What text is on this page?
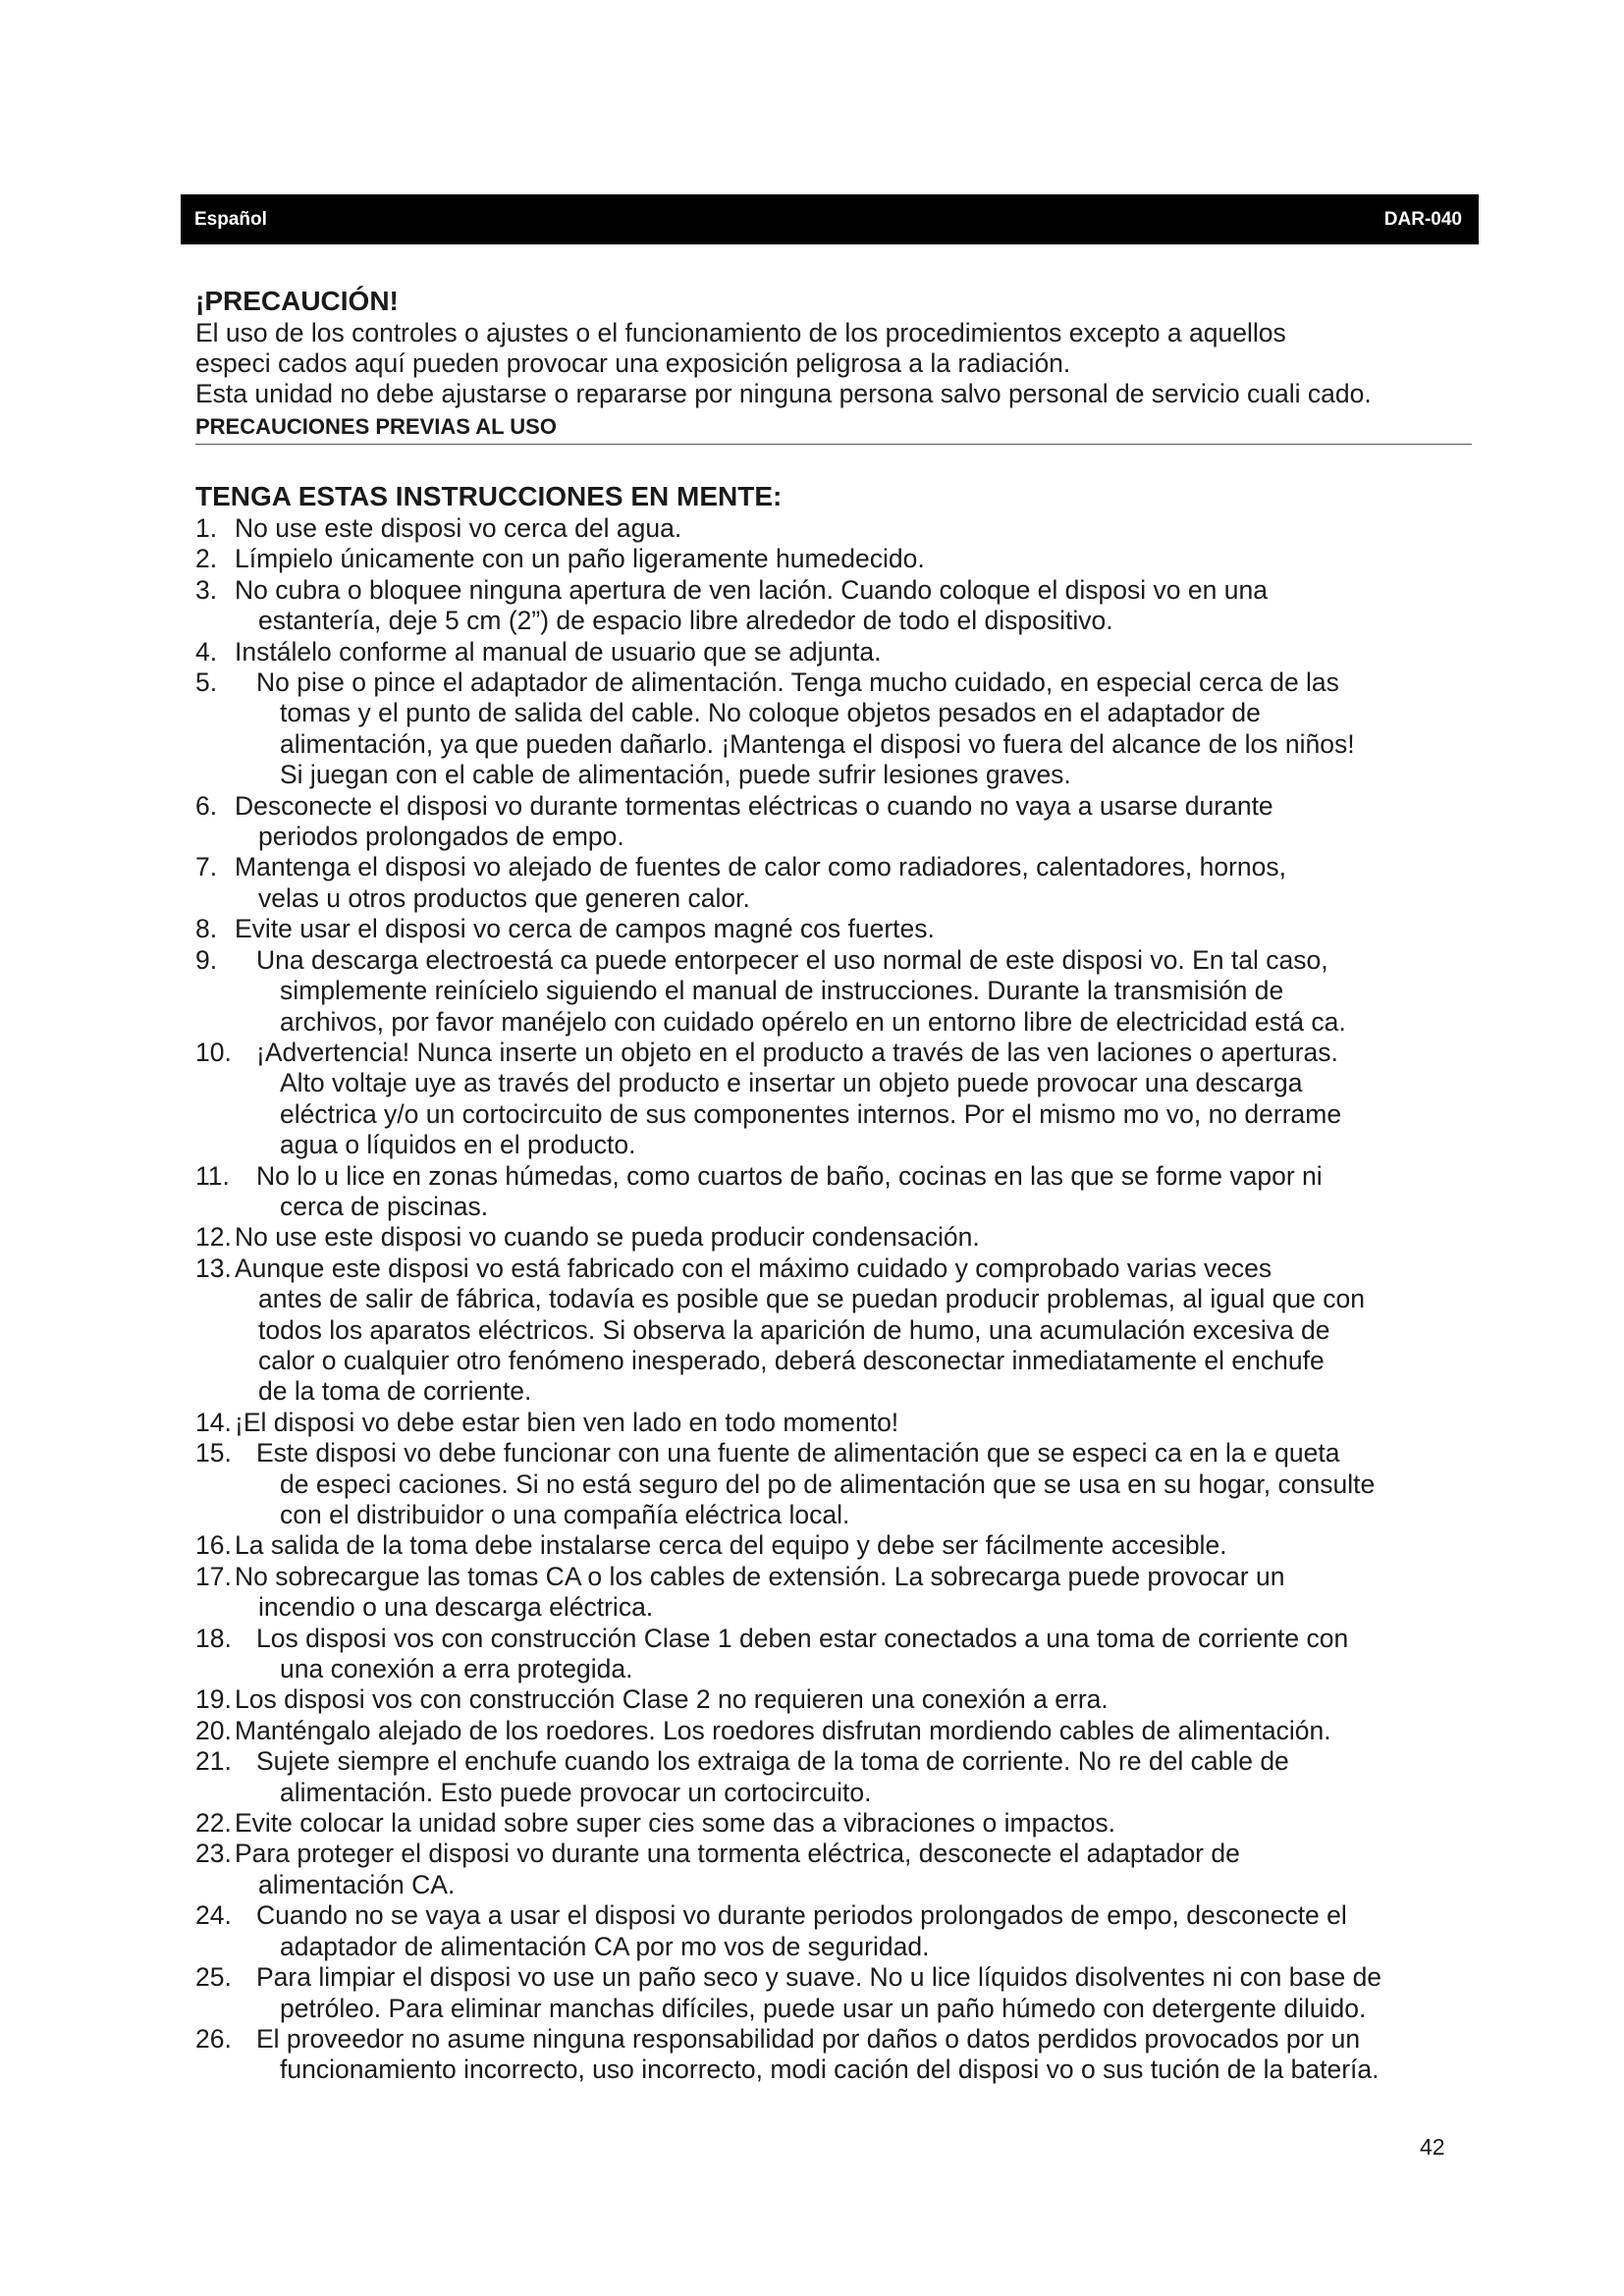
Español	DAR-040

¡PRECAUCIÓN!

El uso de los controles o ajustes o el funcionamiento de los procedimientos excepto a aquellos

especi cados aquí pueden provocar una exposición peligrosa a la radiación.

Esta unidad no debe ajustarse o repararse por ninguna persona salvo personal de servicio cuali cado.

PRECAUCIONES PREVIAS AL USO

TENGA ESTAS INSTRUCCIONES EN MENTE:

1. No use este disposi vo cerca del agua.
2. Límpielo únicamente con un paño ligeramente humedecido.
3. No cubra o bloquee ninguna apertura de ven lación. Cuando coloque el disposi vo en una
estantería, deje 5 cm (2”) de espacio libre alrededor de todo el dispositivo.
4. Instálelo conforme al manual de usuario que se adjunta.
5.	No pise o pince el adaptador de alimentación. Tenga mucho cuidado, en especial cerca de las
tomas y el punto de salida del cable. No coloque objetos pesados en el adaptador de
alimentación, ya que pueden dañarlo. ¡Mantenga el disposi vo fuera del alcance de los niños!
Si juegan con el cable de alimentación, puede sufrir lesiones graves.
6. Desconecte el disposi vo durante tormentas eléctricas o cuando no vaya a usarse durante
periodos prolongados de empo.
7. Mantenga el disposi vo alejado de fuentes de calor como radiadores, calentadores, hornos,
velas u otros productos que generen calor.
8. Evite usar el disposi vo cerca de campos magné cos fuertes.
9.	Una descarga electroestá ca puede entorpecer el uso normal de este disposi vo. En tal caso,
simplemente reinícielo siguiendo el manual de instrucciones. Durante la transmisión de
archivos, por favor manéjelo con cuidado opérelo en un entorno libre de electricidad está ca.
10. ¡Advertencia! Nunca inserte un objeto en el producto a través de las ven laciones o aperturas.
Alto voltaje uye as través del producto e insertar un objeto puede provocar una descarga
eléctrica y/o un cortocircuito de sus componentes internos. Por el mismo mo vo, no derrame
agua o líquidos en el producto.
11.	No lo u lice en zonas húmedas, como cuartos de baño, cocinas en las que se forme vapor ni
cerca de piscinas.
12. No use este disposi vo cuando se pueda producir condensación.
13. Aunque este disposi vo está fabricado con el máximo cuidado y comprobado varias veces
antes de salir de fábrica, todavía es posible que se puedan producir problemas, al igual que con
todos los aparatos eléctricos. Si observa la aparición de humo, una acumulación excesiva de
calor o cualquier otro fenómeno inesperado, deberá desconectar inmediatamente el enchufe
de la toma de corriente.
14. ¡El disposi vo debe estar bien ven lado en todo momento!
15. Este disposi vo debe funcionar con una fuente de alimentación que se especi ca en la e queta
de especi caciones. Si no está seguro del po de alimentación que se usa en su hogar, consulte
con el distribuidor o una compañía eléctrica local.
16. La salida de la toma debe instalarse cerca del equipo y debe ser fácilmente accesible.
17. No sobrecargue las tomas CA o los cables de extensión. La sobrecarga puede provocar un
incendio o una descarga eléctrica.
18. Los disposi vos con construcción Clase 1 deben estar conectados a una toma de corriente con
una conexión a erra protegida.
19. Los disposi vos con construcción Clase 2 no requieren una conexión a erra.
20. Manténgalo alejado de los roedores. Los roedores disfrutan mordiendo cables de alimentación.
21. Sujete siempre el enchufe cuando los extraiga de la toma de corriente. No re del cable de
alimentación. Esto puede provocar un cortocircuito.
22. Evite colocar la unidad sobre super cies some das a vibraciones o impactos.
23. Para proteger el disposi vo durante una tormenta eléctrica, desconecte el adaptador de
alimentación CA.
24. Cuando no se vaya a usar el disposi vo durante periodos prolongados de empo, desconecte el
adaptador de alimentación CA por mo vos de seguridad.
25. Para limpiar el disposi vo use un paño seco y suave. No u lice líquidos disolventes ni con base de
petróleo. Para eliminar manchas difíciles, puede usar un paño húmedo con detergente diluido.
26. El proveedor no asume ninguna responsabilidad por daños o datos perdidos provocados por un
funcionamiento incorrecto, uso incorrecto, modi cación del disposi vo o sus tución de la batería.
42
